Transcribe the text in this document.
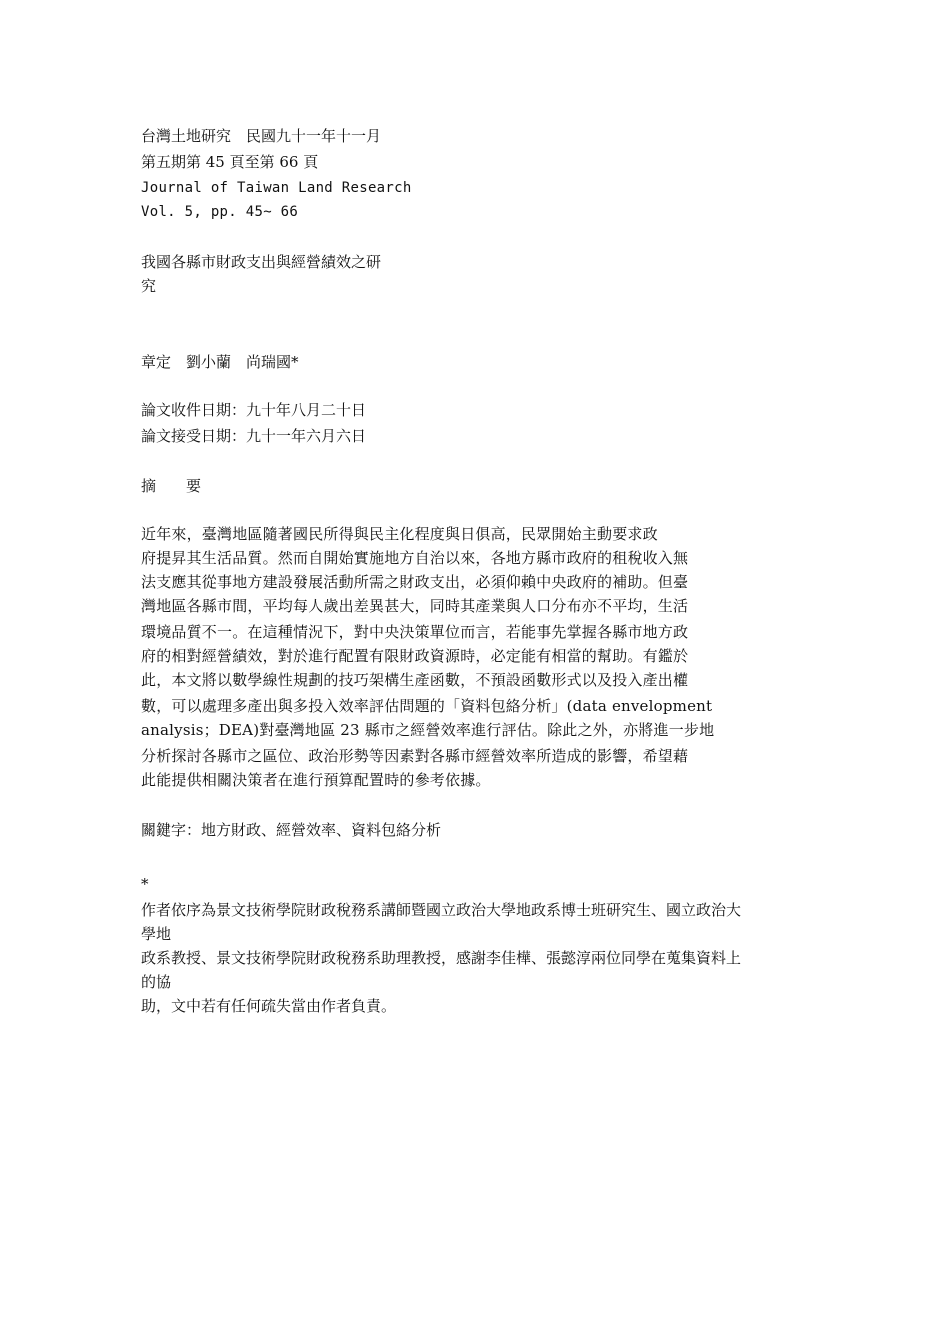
台灣土地研究　民國九十一年十一月
第五期第 45 頁至第 66 頁
Journal of Taiwan Land Research
Vol. 5, pp. 45~ 66
我國各縣市財政支出與經營績效之研
究
章定　劉小蘭　尚瑞國*
論文收件日期：九十年八月二十日
論文接受日期：九十一年六月六日
摘　　要
近年來，臺灣地區隨著國民所得與民主化程度與日俱高，民眾開始主動要求政
府提昇其生活品質。然而自開始實施地方自治以來，各地方縣市政府的租稅收入無
法支應其從事地方建設發展活動所需之財政支出，必須仰賴中央政府的補助。但臺
灣地區各縣市間，平均每人歲出差異甚大，同時其產業與人口分布亦不平均，生活
環境品質不一。在這種情況下，對中央決策單位而言，若能事先掌握各縣市地方政
府的相對經營績效，對於進行配置有限財政資源時，必定能有相當的幫助。有鑑於
此，本文將以數學線性規劃的技巧架構生產函數，不預設函數形式以及投入產出權
數，可以處理多產出與多投入效率評估問題的「資料包絡分析」(data envelopment
analysis；DEA)對臺灣地區 23 縣市之經營效率進行評估。除此之外，亦將進一步地
分析探討各縣市之區位、政治形勢等因素對各縣市經營效率所造成的影響，希望藉
此能提供相關決策者在進行預算配置時的參考依據。
關鍵字：地方財政、經營效率、資料包絡分析
*
作者依序為景文技術學院財政稅務系講師暨國立政治大學地政系博士班研究生、國立政治大
學地
政系教授、景文技術學院財政稅務系助理教授，感謝李佳樺、張懿淳兩位同學在蒐集資料上
的協
助，文中若有任何疏失當由作者負責。
